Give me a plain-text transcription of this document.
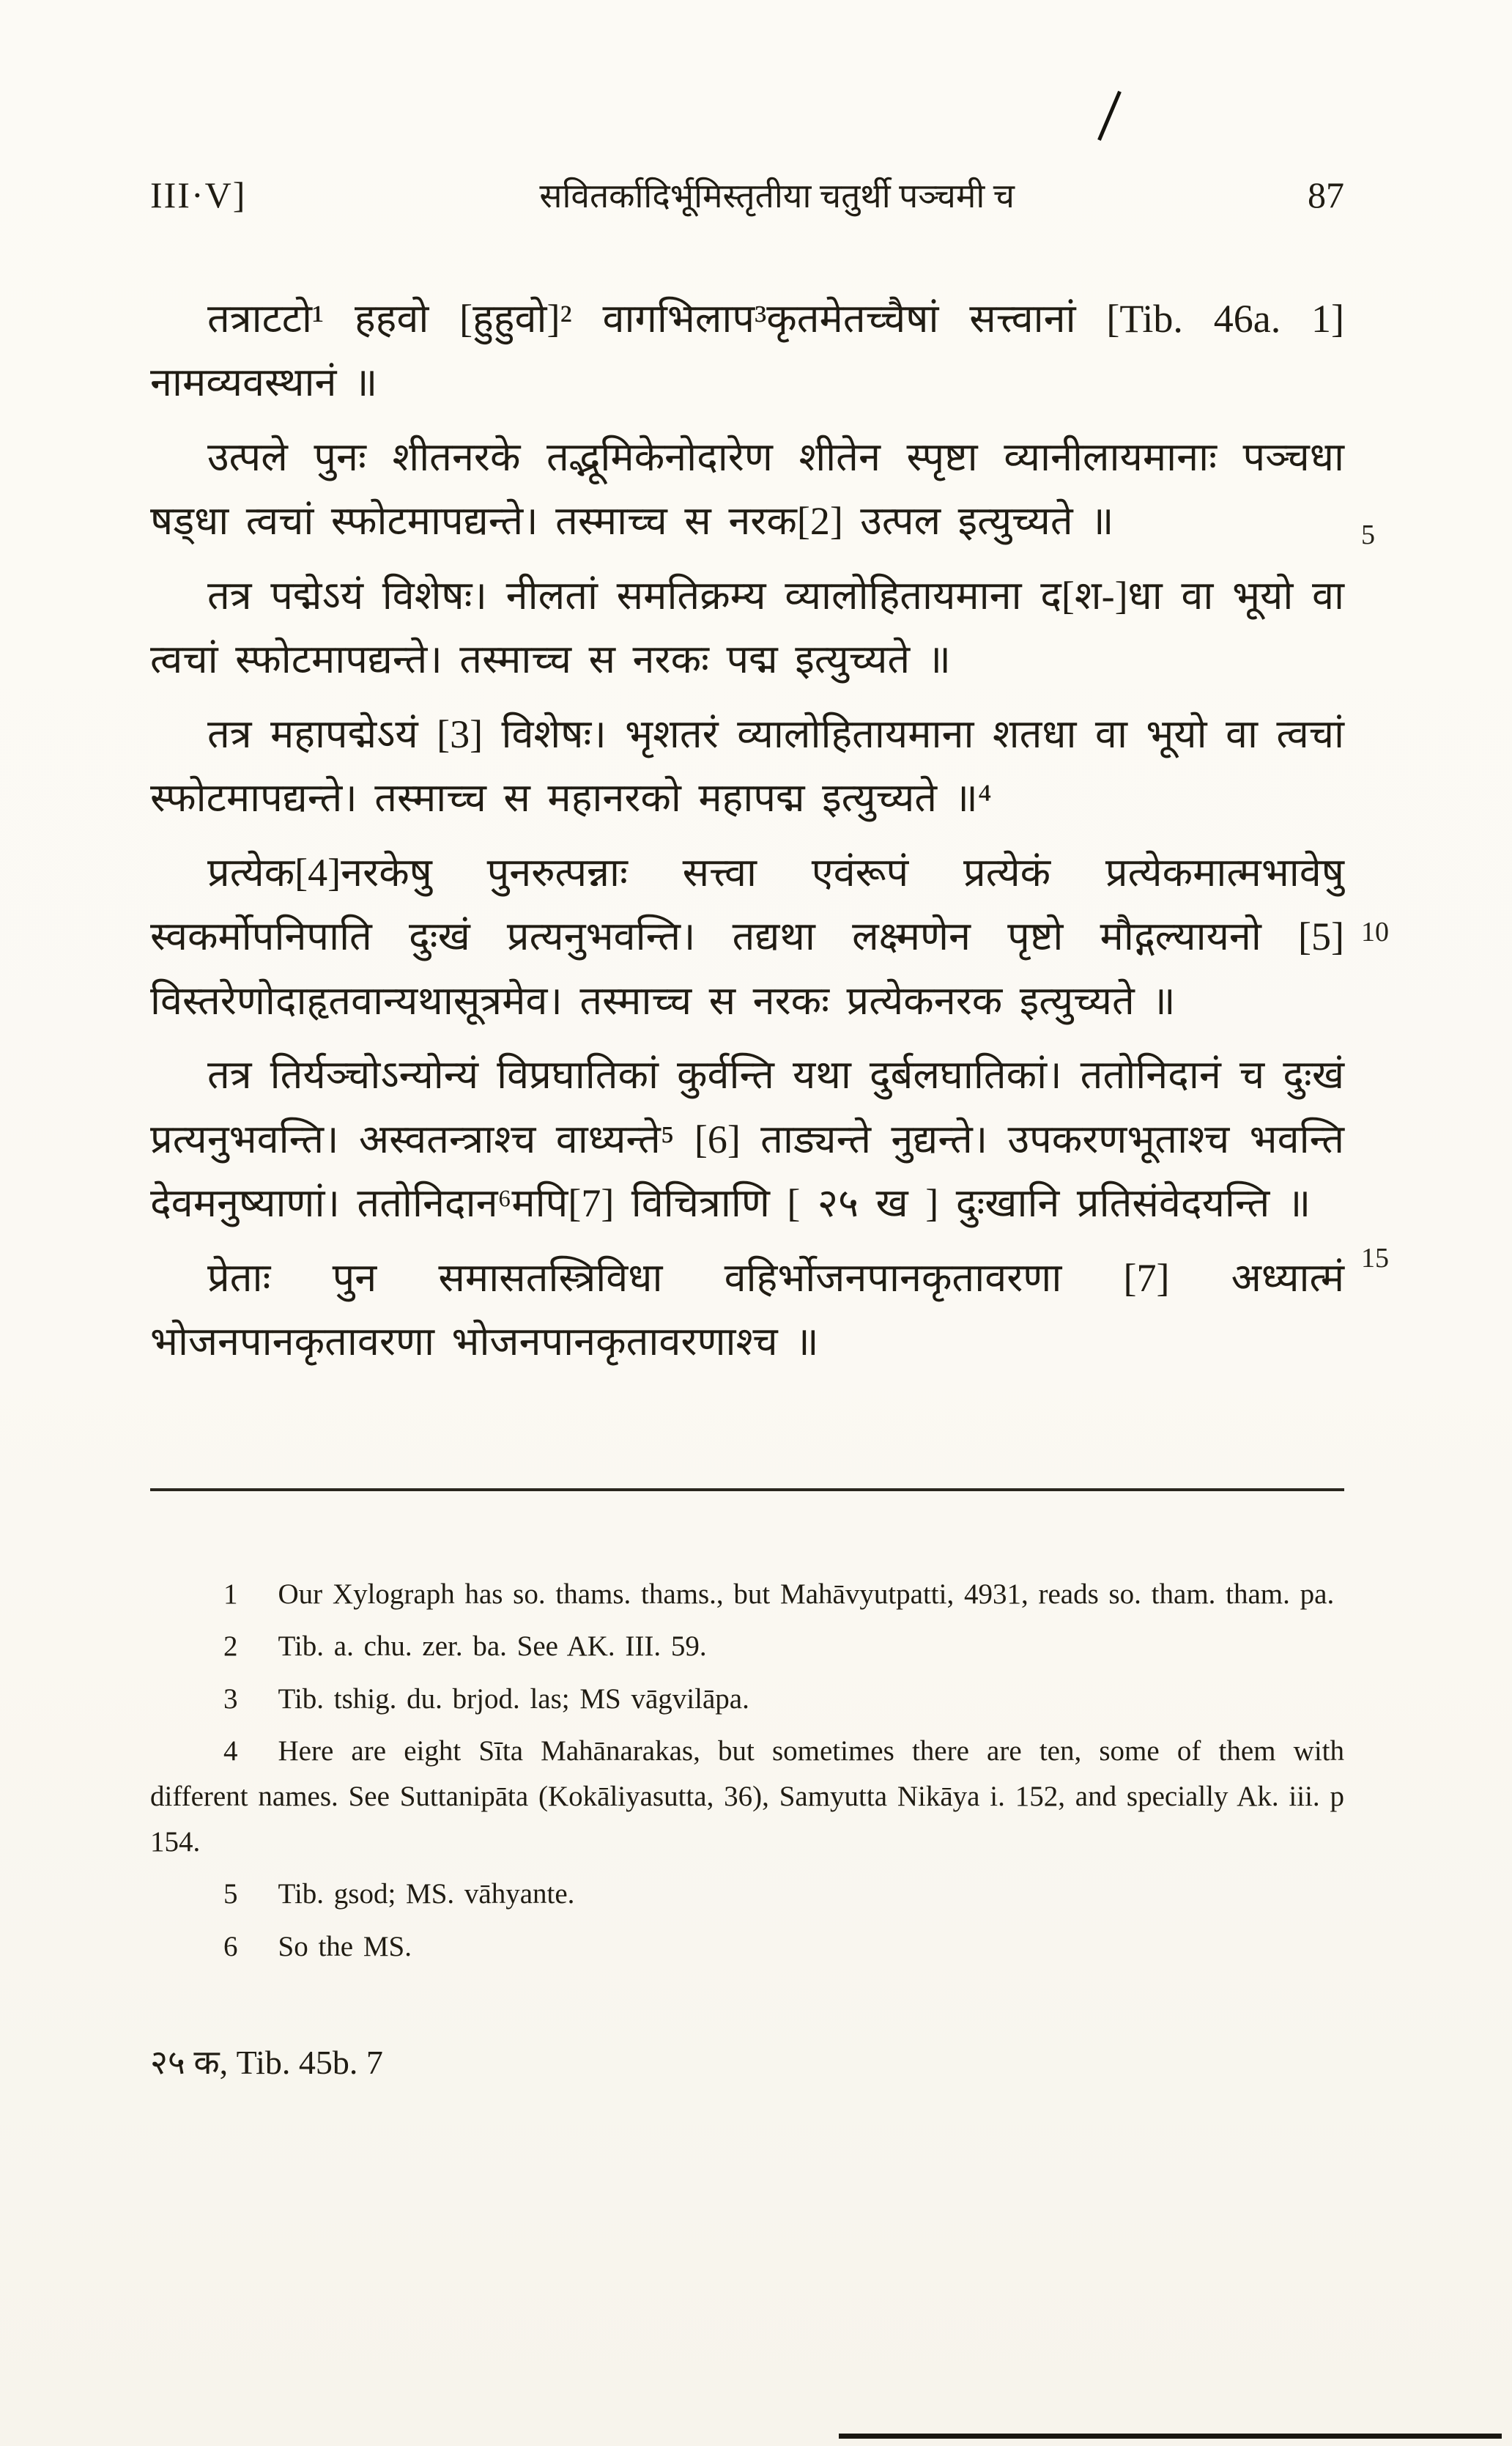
III·V]	सवितर्कादिर्भूमिस्तृतीया चतुर्थी पञ्चमी च	87

तत्राटटो¹ हहवो [हुहुवो]² वागभिलाप³कृतमेतच्चैषां सत्त्वानां [Tib. 46a. 1] नामव्यवस्थानं ॥

उत्पले पुनः शीतनरके तद्भूमिकेनोदारेण शीतेन स्पृष्टा व्यानीलायमानाः पञ्चधा षड्धा त्वचां स्फोटमापद्यन्ते। तस्माच्च स नरक[2] उत्पल इत्युच्यते ॥

तत्र पद्मेऽयं विशेषः। नीलतां समतिक्रम्य व्यालोहितायमाना द[श-]धा वा भूयो वा त्वचां स्फोटमापद्यन्ते। तस्माच्च स नरकः पद्म इत्युच्यते ॥

तत्र महापद्मेऽयं [3] विशेषः। भृशतरं व्यालोहितायमाना शतधा वा भूयो वा त्वचां स्फोटमापद्यन्ते। तस्माच्च स महानरको महापद्म इत्युच्यते ॥⁴

प्रत्येक[4]नरकेषु पुनरुत्पन्नाः सत्त्वा एवंरूपं प्रत्येकं प्रत्येकमात्मभावेषु स्वकर्मोपनिपाति दुःखं प्रत्यनुभवन्ति। तद्यथा लक्ष्मणेन पृष्टो मौद्गल्यायनो [5] विस्तरेणोदाहृतवान्यथासूत्रमेव। तस्माच्च स नरकः प्रत्येकनरक इत्युच्यते ॥

तत्र तिर्यञ्चोऽन्योन्यं विप्रघातिकां कुर्वन्ति यथा दुर्बलघातिकां। ततोनिदानं च दुःखं प्रत्यनुभवन्ति। अस्वतन्त्राश्च वाध्यन्ते⁵ [6] ताड्यन्ते नुद्यन्ते। उपकरणभूताश्च भवन्ति देवमनुष्याणां। ततोनिदान⁶मपि[7] विचित्राणि [ २५ ख ] दुःखानि प्रतिसंवेदयन्ति ॥

प्रेताः पुन समासतस्त्रिविधा वहिर्भोजनपानकृतावरणा [7] अध्यात्मं भोजनपानकृतावरणा भोजनपानकृतावरणाश्च ॥

1 Our Xylograph has so. thams. thams., but Mahāvyutpatti, 4931, reads so. tham. tham. pa.

2 Tib. a. chu. zer. ba. See AK. III. 59.

3 Tib. tshig. du. brjod. las; MS vāgvilāpa.

4 Here are eight Sīta Mahānarakas, but sometimes there are ten, some of them with different names. See Suttanipāta (Kokāliyasutta, 36), Samyutta Nikāya i. 152, and specially Ak. iii. p 154.

5 Tib. gsod; MS. vāhyante.

6 So the MS.

२५ क, Tib. 45b. 7

5
10
15
